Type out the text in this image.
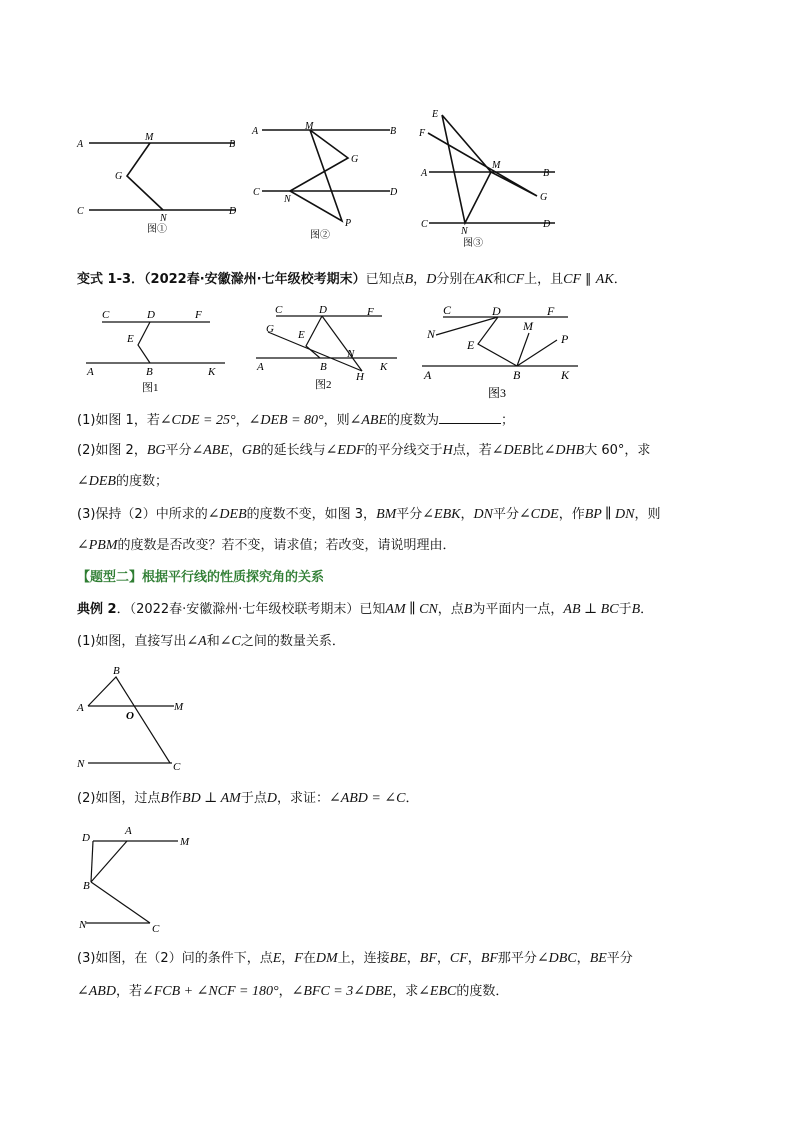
A
M
B
G
C
N
D
图①
A	M	B
G
C
N
D
P
图②
E
F
A
M
B
G
C
N
D
图③
变式 1-3．（2022春·安徽滁州·七年级校考期末）已知点B，D分别在AK和CF上，且CF ∥ AK．
C	D	F
E
A	B	K
图1
C	D	F
G E
N
A	B
H
K
图2
C	D	F
N
M
P
E
A	B	K
图3
(1)如图 1，若∠CDE = 25°，∠DEB = 80°，则∠ABE的度数为	；
(2)如图 2，BG平分∠ABE，GB的延长线与∠EDF的平分线交于H点，若∠DEB比∠DHB大 60°，求
∠DEB的度数；
(3)保持（2）中所求的∠DEB的度数不变，如图 3，BM平分∠EBK，DN平分∠CDE，作BP ∥ DN，则
∠PBM的度数是否改变？若不变，请求值；若改变，请说明理由．
【题型二】根据平行线的性质探究角的关系
典例 2．（2022春·安徽滁州·七年级校联考期末）已知AM ∥ CN，点B为平面内一点，AB ⊥ BC于B．
(1)如图，直接写出∠A和∠C之间的数量关系．
B
A
O
M
N	C
(2)如图，过点B作BD ⊥ AM于点D，求证：∠ABD = ∠C．
D
A
M
B
N	C
(3)如图，在（2）问的条件下，点E，F在DM上，连接BE，BF，CF，BF那平分∠DBC，BE平分
∠ABD，若∠FCB + ∠NCF = 180°，∠BFC = 3∠DBE，求∠EBC的度数．
